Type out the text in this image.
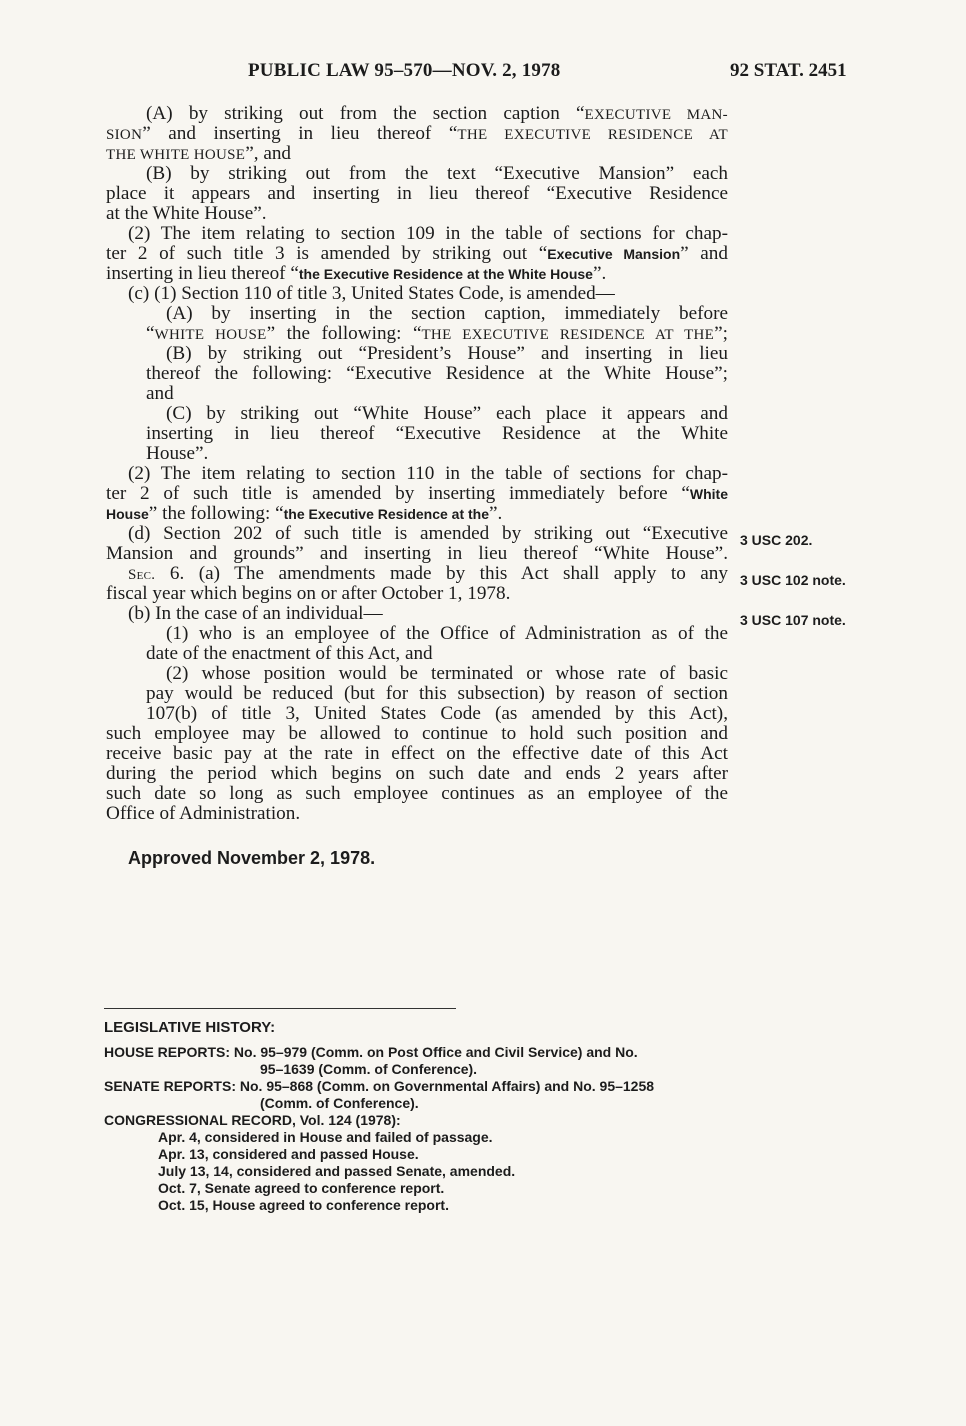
PUBLIC LAW 95–570—NOV. 2, 1978	92 STAT. 2451
(A) by striking out from the section caption “EXECUTIVE MAN-
SION” and inserting in lieu thereof “THE EXECUTIVE RESIDENCE AT
THE WHITE HOUSE”, and
(B) by striking out from the text “Executive Mansion” each
place it appears and inserting in lieu thereof “Executive Residence
at the White House”.
(2) The item relating to section 109 in the table of sections for chap-
ter 2 of such title 3 is amended by striking out “Executive Mansion” and
inserting in lieu thereof “the Executive Residence at the White House”.
(c) (1) Section 110 of title 3, United States Code, is amended—
(A) by inserting in the section caption, immediately before
“WHITE HOUSE” the following: “THE EXECUTIVE RESIDENCE AT THE”;
(B) by striking out “President’s House” and inserting in lieu
thereof the following: “Executive Residence at the White House”;
and
(C) by striking out “White House” each place it appears and
inserting in lieu thereof “Executive Residence at the White
House”.
(2) The item relating to section 110 in the table of sections for chap-
ter 2 of such title is amended by inserting immediately before “White
House” the following: “the Executive Residence at the”.
(d) Section 202 of such title is amended by striking out “Executive
Mansion and grounds” and inserting in lieu thereof “White House”.
Sec. 6. (a) The amendments made by this Act shall apply to any
fiscal year which begins on or after October 1, 1978.
(b) In the case of an individual—
(1) who is an employee of the Office of Administration as of the
date of the enactment of this Act, and
(2) whose position would be terminated or whose rate of basic
pay would be reduced (but for this subsection) by reason of section
107(b) of title 3, United States Code (as amended by this Act),
such employee may be allowed to continue to hold such position and
receive basic pay at the rate in effect on the effective date of this Act
during the period which begins on such date and ends 2 years after
such date so long as such employee continues as an employee of the
Office of Administration.
3 USC 202.
3 USC 102 note.
3 USC 107 note.
Approved November 2, 1978.
LEGISLATIVE HISTORY:
HOUSE REPORTS: No. 95–979 (Comm. on Post Office and Civil Service) and No.
95–1639 (Comm. of Conference).
SENATE REPORTS: No. 95–868 (Comm. on Governmental Affairs) and No. 95–1258
(Comm. of Conference).
CONGRESSIONAL RECORD, Vol. 124 (1978):
Apr. 4, considered in House and failed of passage.
Apr. 13, considered and passed House.
July 13, 14, considered and passed Senate, amended.
Oct. 7, Senate agreed to conference report.
Oct. 15, House agreed to conference report.
